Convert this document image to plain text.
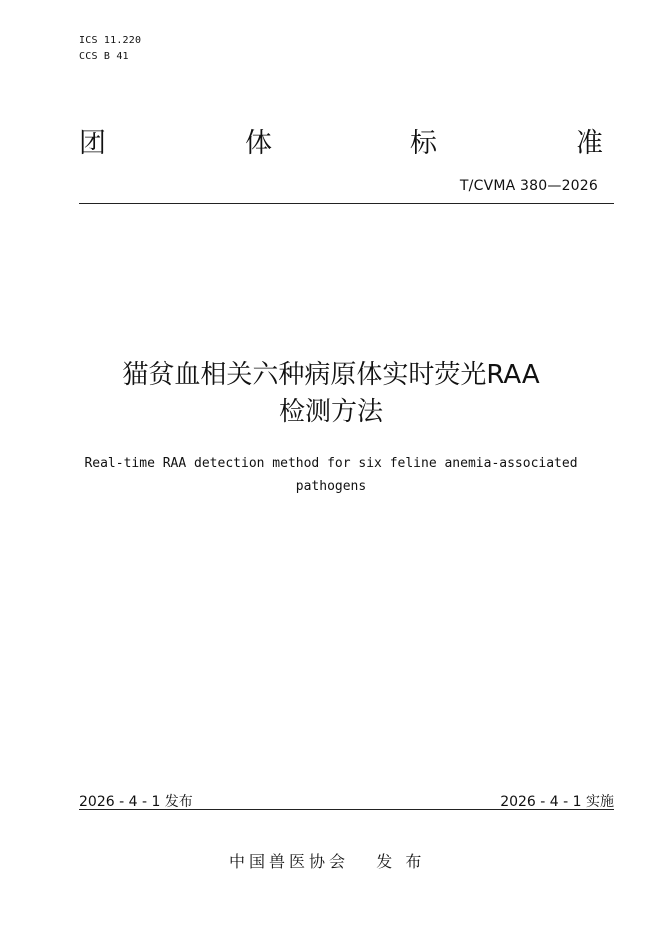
ICS 11.220
CCS B 41
团	体	标	准
T/CVMA 380—2026
猫贫血相关六种病原体实时荧光RAA
检测方法
Real-time RAA detection method for six feline anemia-associated
pathogens
2026 - 4 - 1 发布	2026 - 4 - 1 实施
中国兽医协会 发 布
